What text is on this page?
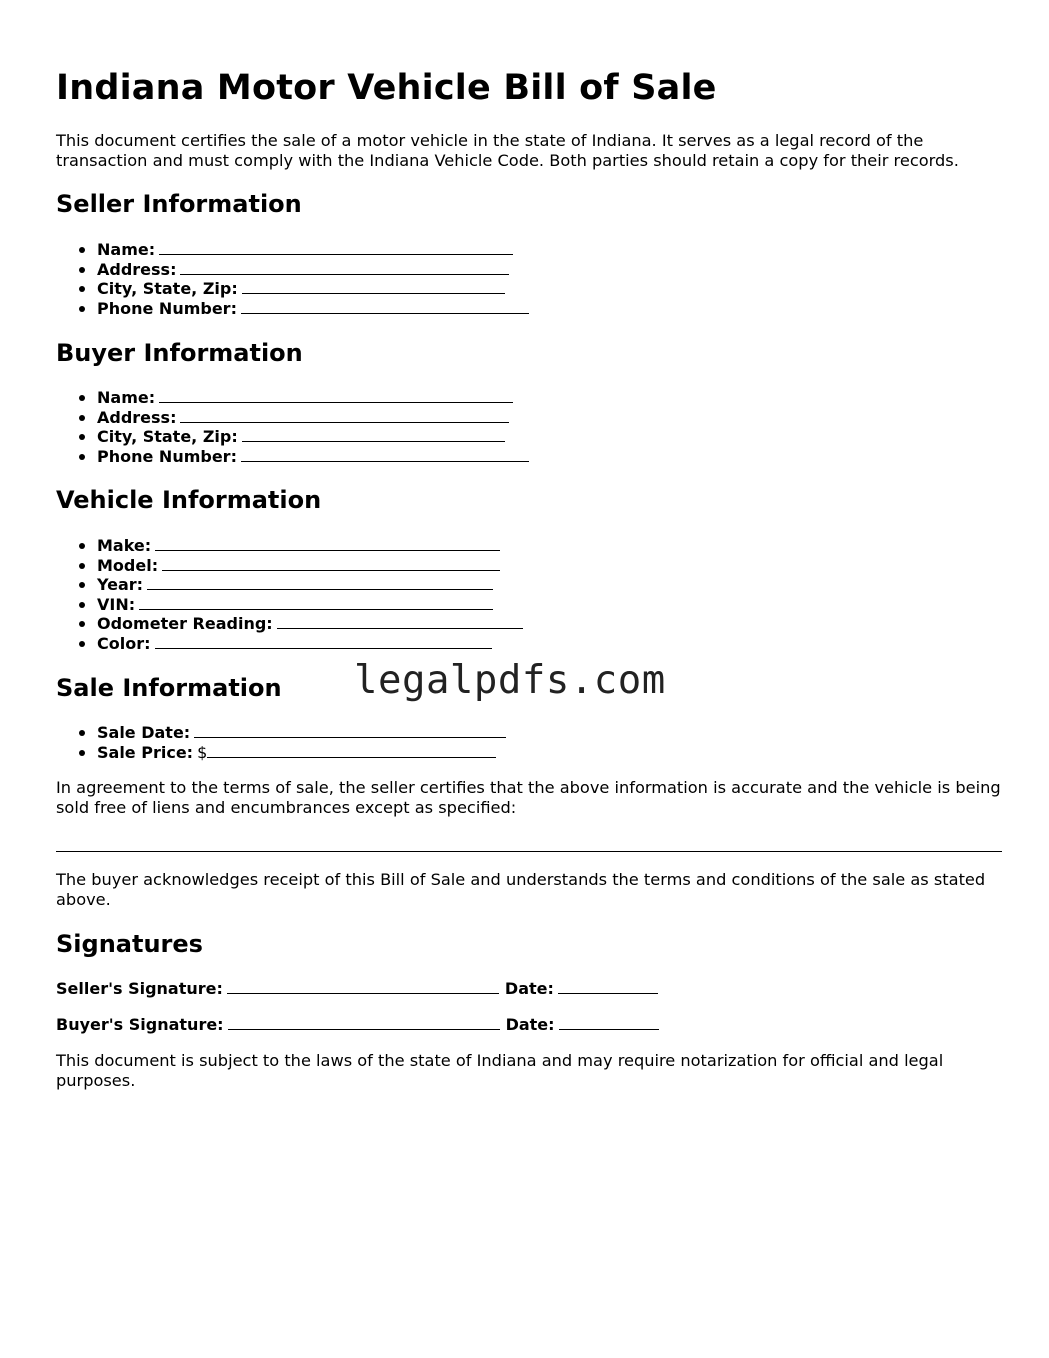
Indiana Motor Vehicle Bill of Sale

This document certifies the sale of a motor vehicle in the state of Indiana. It serves as a legal record of the transaction and must comply with the Indiana Vehicle Code. Both parties should retain a copy for their records.

Seller Information
Name:
Address:
City, State, Zip:
Phone Number:
Buyer Information
Name:
Address:
City, State, Zip:
Phone Number:
Vehicle Information
Make:
Model:
Year:
VIN:
Odometer Reading:
Color:
Sale Information legalpdfs.com
Sale Date:
Sale Price: $

In agreement to the terms of sale, the seller certifies that the above information is accurate and the vehicle is being sold free of liens and encumbrances except as specified:

The buyer acknowledges receipt of this Bill of Sale and understands the terms and conditions of the sale as stated above.

Signatures

Seller's Signature:	Date:

Buyer's Signature:	Date:

This document is subject to the laws of the state of Indiana and may require notarization for official and legal purposes.
